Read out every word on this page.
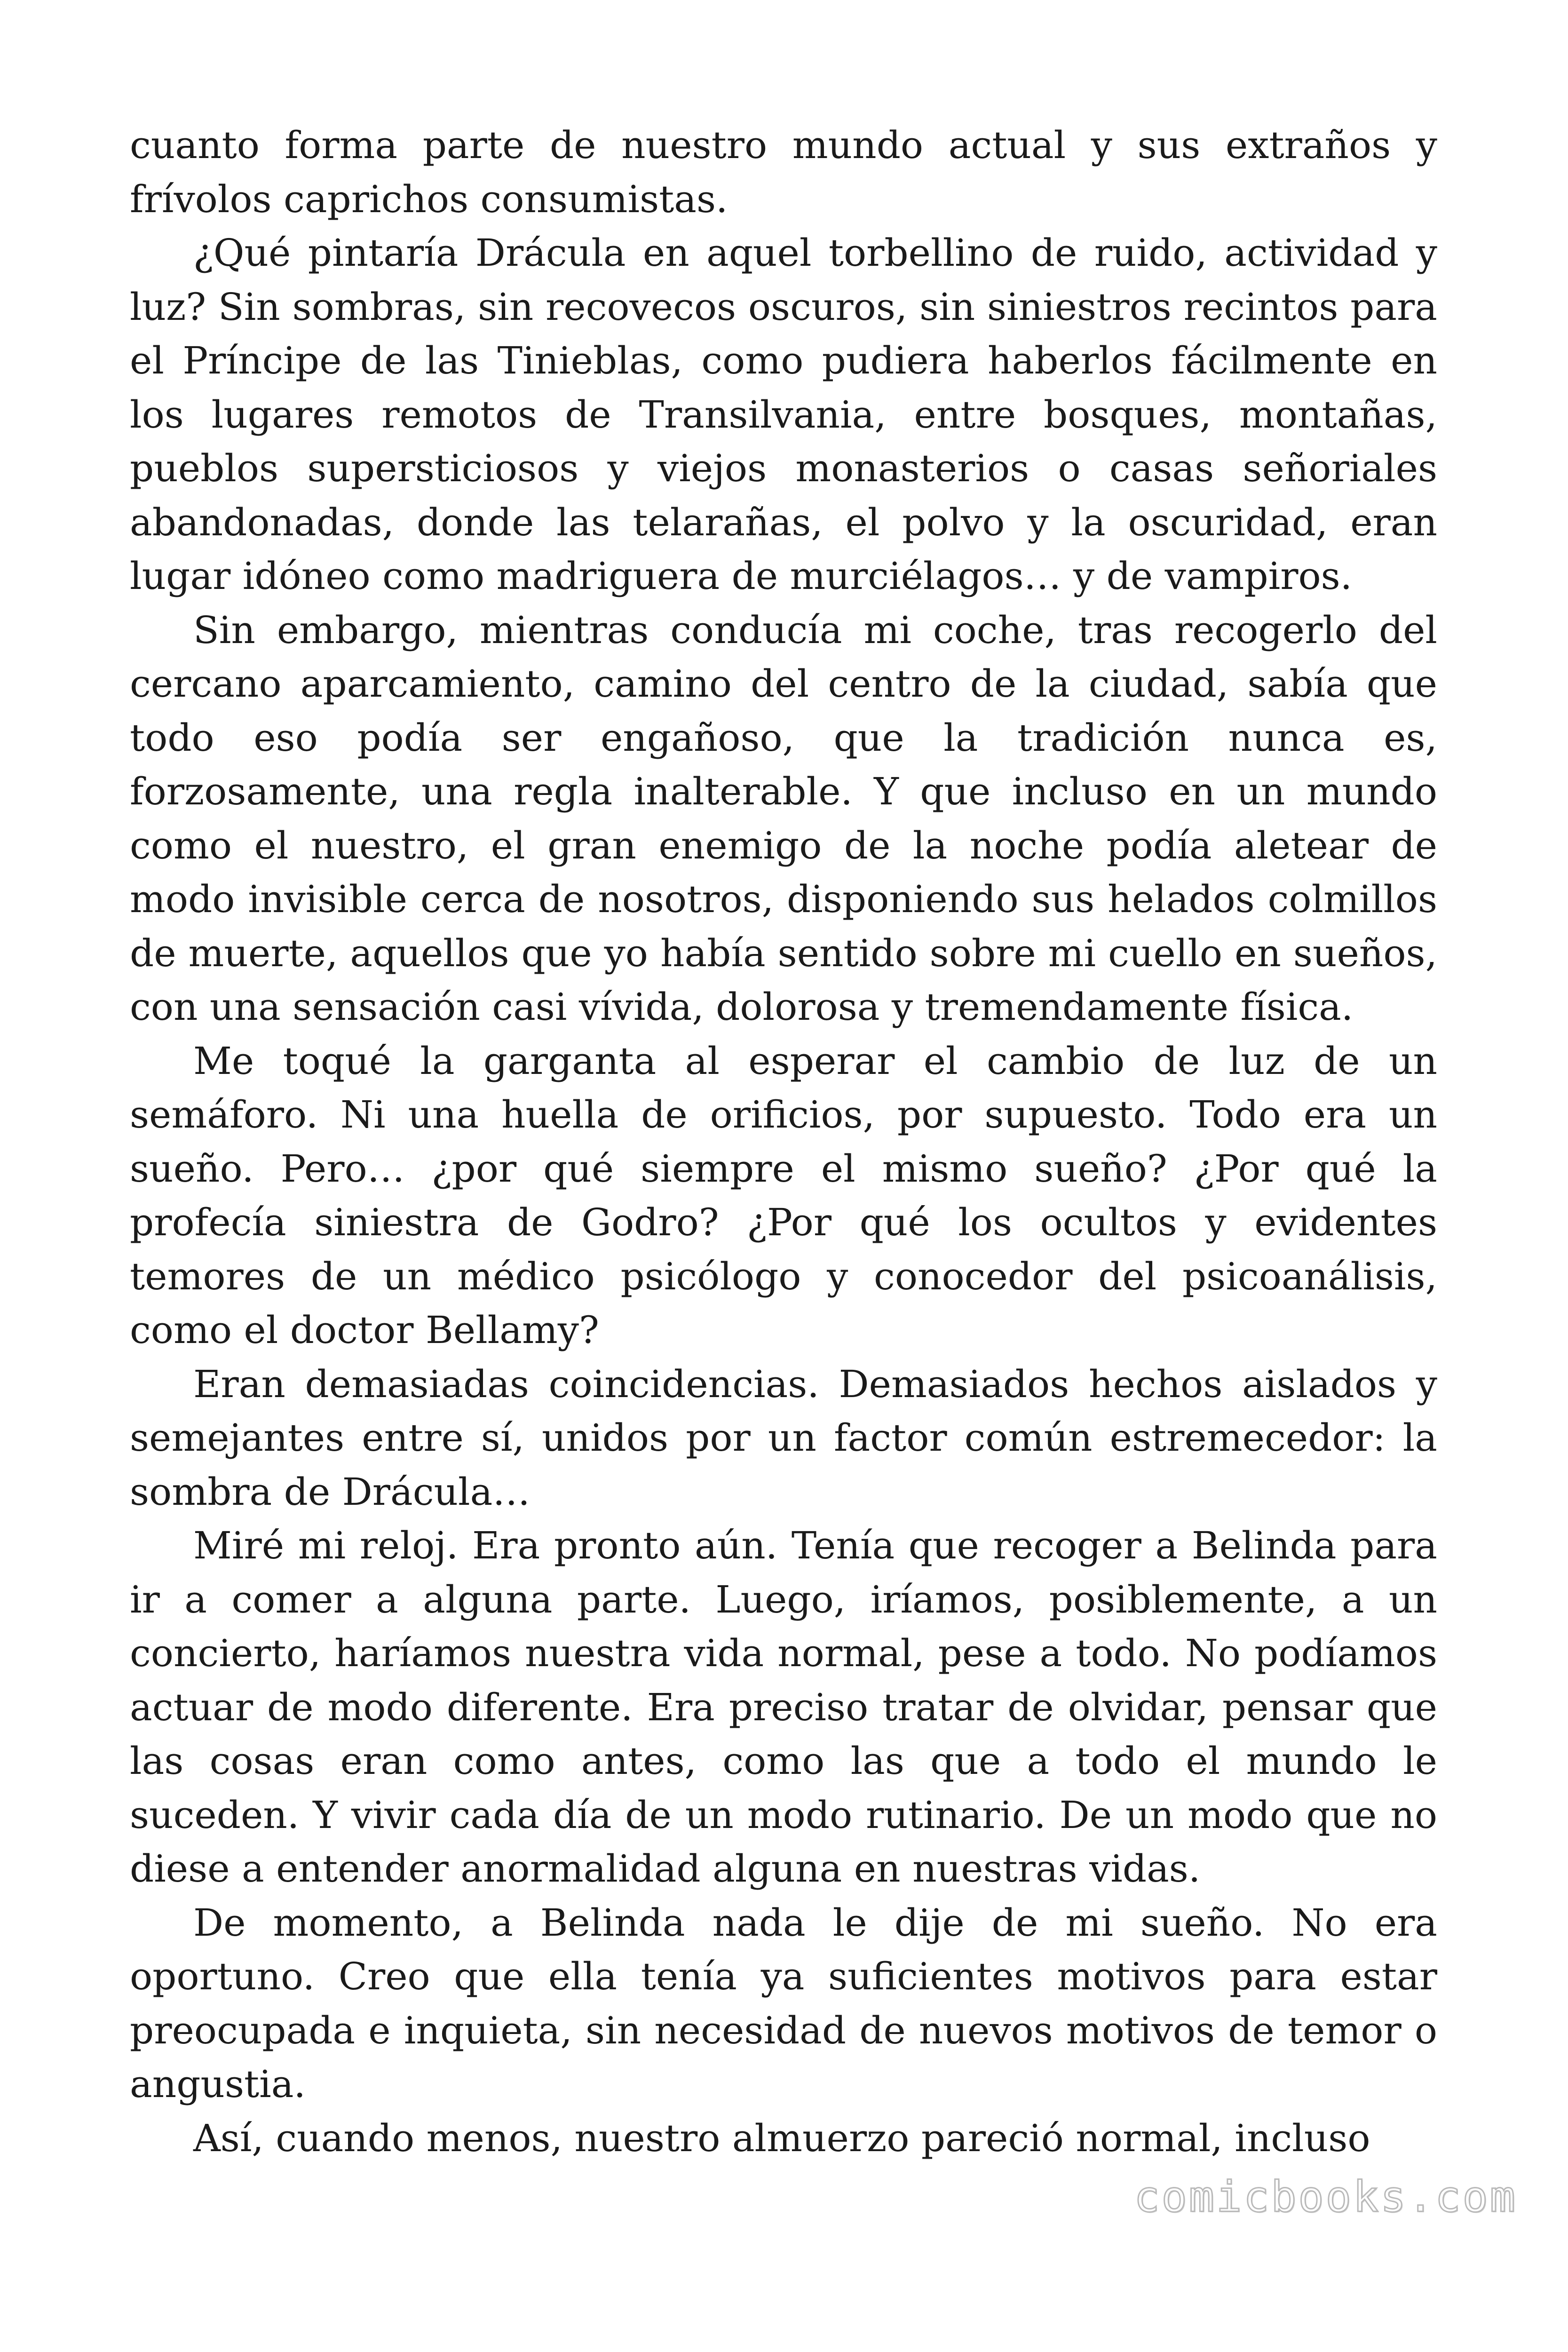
cuanto forma parte de nuestro mundo actual y sus extraños y frívolos caprichos consumistas.

¿Qué pintaría Drácula en aquel torbellino de ruido, actividad y luz? Sin sombras, sin recovecos oscuros, sin siniestros recintos para el Príncipe de las Tinieblas, como pudiera haberlos fácilmente en los lugares remotos de Transilvania, entre bosques, montañas, pueblos supersticiosos y viejos monasterios o casas señoriales abandonadas, donde las telarañas, el polvo y la oscuridad, eran lugar idóneo como madriguera de murciélagos… y de vampiros.

Sin embargo, mientras conducía mi coche, tras recogerlo del cercano aparcamiento, camino del centro de la ciudad, sabía que todo eso podía ser engañoso, que la tradición nunca es, forzosamente, una regla inalterable. Y que incluso en un mundo como el nuestro, el gran enemigo de la noche podía aletear de modo invisible cerca de nosotros, disponiendo sus helados colmillos de muerte, aquellos que yo había sentido sobre mi cuello en sueños, con una sensación casi vívida, dolorosa y tremendamente física.

Me toqué la garganta al esperar el cambio de luz de un semáforo. Ni una huella de orificios, por supuesto. Todo era un sueño. Pero… ¿por qué siempre el mismo sueño? ¿Por qué la profecía siniestra de Godro? ¿Por qué los ocultos y evidentes temores de un médico psicólogo y conocedor del psicoanálisis, como el doctor Bellamy?

Eran demasiadas coincidencias. Demasiados hechos aislados y semejantes entre sí, unidos por un factor común estremecedor: la sombra de Drácula…

Miré mi reloj. Era pronto aún. Tenía que recoger a Belinda para ir a comer a alguna parte. Luego, iríamos, posiblemente, a un concierto, haríamos nuestra vida normal, pese a todo. No podíamos actuar de modo diferente. Era preciso tratar de olvidar, pensar que las cosas eran como antes, como las que a todo el mundo le suceden. Y vivir cada día de un modo rutinario. De un modo que no diese a entender anormalidad alguna en nuestras vidas.

De momento, a Belinda nada le dije de mi sueño. No era oportuno. Creo que ella tenía ya suficientes motivos para estar preocupada e inquieta, sin necesidad de nuevos motivos de temor o angustia.

Así, cuando menos, nuestro almuerzo pareció normal, incluso

comicbooks.com
